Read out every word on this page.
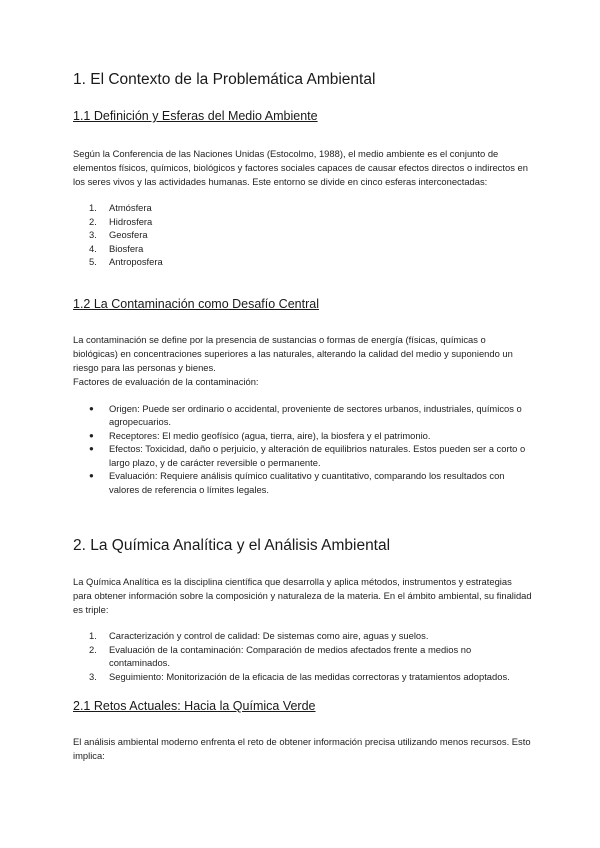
1. El Contexto de la Problemática Ambiental
1.1 Definición y Esferas del Medio Ambiente

Según la Conferencia de las Naciones Unidas (Estocolmo, 1988), el medio ambiente es el conjunto de elementos físicos, químicos, biológicos y factores sociales capaces de causar efectos directos o indirectos en los seres vivos y las actividades humanas. Este entorno se divide en cinco esferas interconectadas:

1. Atmósfera
2. Hidrosfera
3. Geosfera
4. Biosfera
5. Antroposfera
1.2 La Contaminación como Desafío Central

La contaminación se define por la presencia de sustancias o formas de energía (físicas, químicas o biológicas) en concentraciones superiores a las naturales, alterando la calidad del medio y suponiendo un riesgo para las personas y bienes.

Factores de evaluación de la contaminación:

● Origen: Puede ser ordinario o accidental, proveniente de sectores urbanos, industriales, químicos o agropecuarios.
● Receptores: El medio geofísico (agua, tierra, aire), la biosfera y el patrimonio.
● Efectos: Toxicidad, daño o perjuicio, y alteración de equilibrios naturales. Estos pueden ser a corto o largo plazo, y de carácter reversible o permanente.
● Evaluación: Requiere análisis químico cualitativo y cuantitativo, comparando los resultados con valores de referencia o límites legales.
2. La Química Analítica y el Análisis Ambiental

La Química Analítica es la disciplina científica que desarrolla y aplica métodos, instrumentos y estrategias para obtener información sobre la composición y naturaleza de la materia. En el ámbito ambiental, su finalidad es triple:

1. Caracterización y control de calidad: De sistemas como aire, aguas y suelos.
2. Evaluación de la contaminación: Comparación de medios afectados frente a medios no contaminados.
3. Seguimiento: Monitorización de la eficacia de las medidas correctoras y tratamientos adoptados.
2.1 Retos Actuales: Hacia la Química Verde

El análisis ambiental moderno enfrenta el reto de obtener información precisa utilizando menos recursos. Esto implica:
